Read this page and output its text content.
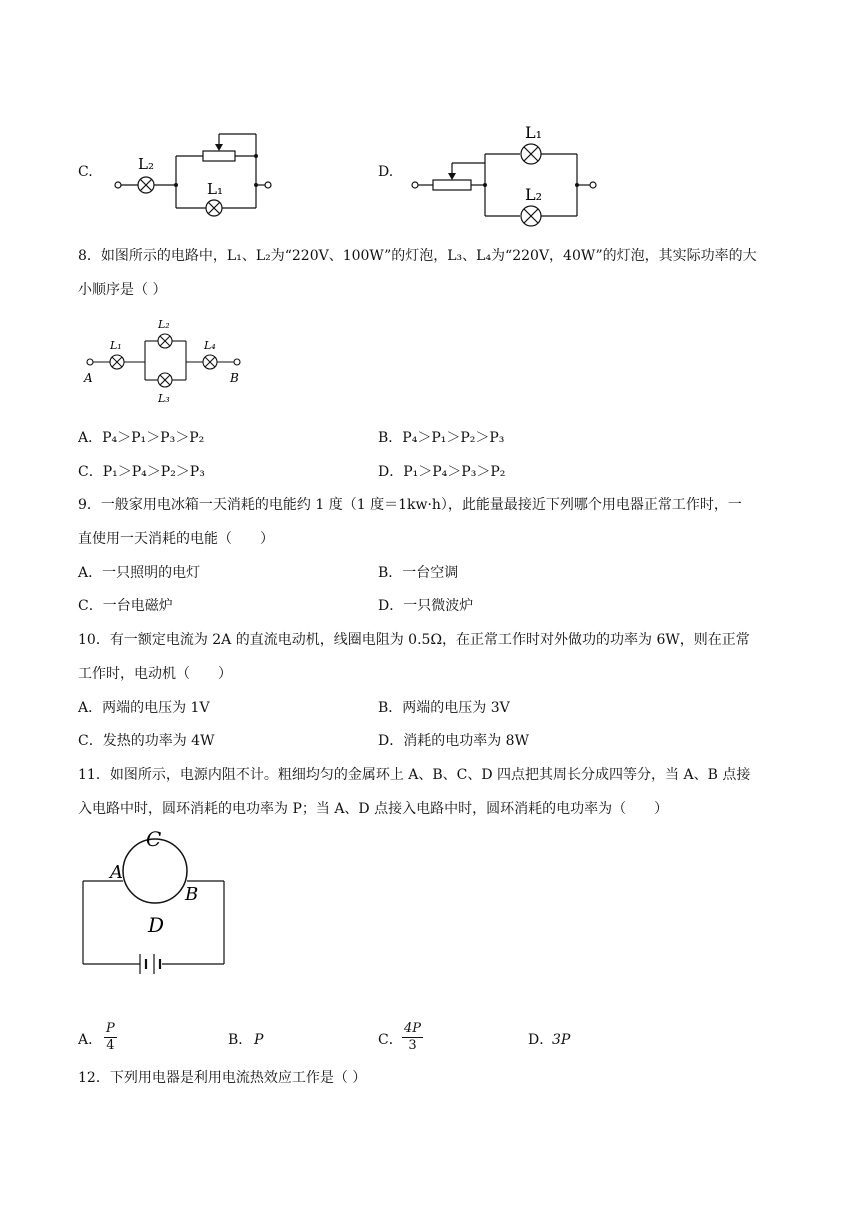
C.	L₂
L₁
D.
L₁
L₂
8．如图所示的电路中，L₁、L₂为“220V、100W”的灯泡，L₃、L₄为“220V，40W”的灯泡，其实际功率的大
小顺序是（ ）
L₁
L₂
L₃
L₄
A	B
A．P₄＞P₁＞P₃＞P₂	B．P₄＞P₁＞P₂＞P₃
C．P₁＞P₄＞P₂＞P₃	D．P₁＞P₄＞P₃＞P₂
9．一般家用电冰箱一天消耗的电能约 1 度（1 度＝1kw·h），此能量最接近下列哪个用电器正常工作时，一
直使用一天消耗的电能（　　）
A．一只照明的电灯	B．一台空调
C．一台电磁炉	D．一只微波炉
10．有一额定电流为 2A 的直流电动机，线圈电阻为 0.5Ω，在正常工作时对外做功的功率为 6W，则在正常
工作时，电动机（　　）
A．两端的电压为 1V	B．两端的电压为 3V
C．发热的功率为 4W	D．消耗的电功率为 8W
11．如图所示，电源内阻不计。粗细均匀的金属环上 A、B、C、D 四点把其周长分成四等分，当 A、B 点接
入电路中时，圆环消耗的电功率为 P；当 A、D 点接入电路中时，圆环消耗的电功率为（　　）
C
A
B
D
A． $\frac{P}{4}$	B． P	C． $\frac{4P}{3}$	D．
3P
12．下列用电器是利用电流热效应工作是（ ）
